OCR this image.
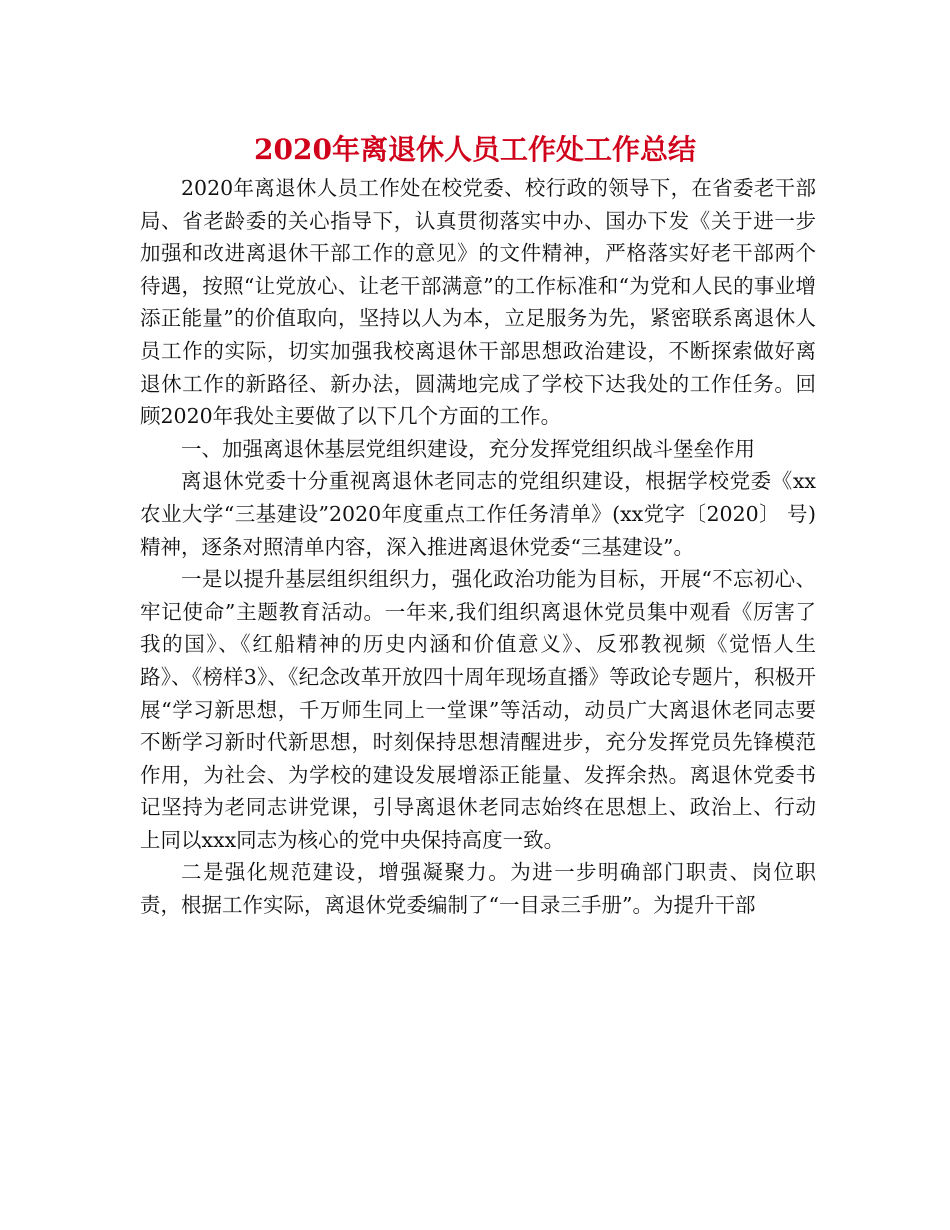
2020年离退休人员工作处工作总结

2020年离退休人员工作处在校党委、校行政的领导下，在省委老干部局、省老龄委的关心指导下，认真贯彻落实中办、国办下发《关于进一步加强和改进离退休干部工作的意见》的文件精神，严格落实好老干部两个待遇，按照“让党放心、让老干部满意”的工作标准和“为党和人民的事业增添正能量”的价值取向，坚持以人为本，立足服务为先，紧密联系离退休人员工作的实际，切实加强我校离退休干部思想政治建设，不断探索做好离退休工作的新路径、新办法，圆满地完成了学校下达我处的工作任务。回顾2020年我处主要做了以下几个方面的工作。

一、加强离退休基层党组织建设，充分发挥党组织战斗堡垒作用

离退休党委十分重视离退休老同志的党组织建设，根据学校党委《xx农业大学“三基建设”2020年度重点工作任务清单》(xx党字〔2020〕 号)精神，逐条对照清单内容，深入推进离退休党委“三基建设”。

一是以提升基层组织组织力，强化政治功能为目标，开展“不忘初心、牢记使命”主题教育活动。一年来,我们组织离退休党员集中观看《厉害了 我的国》、《红船精神的历史内涵和价值意义》、反邪教视频《觉悟人生路》、《榜样3》、《纪念改革开放四十周年现场直播》等政论专题片，积极开展“学习新思想，千万师生同上一堂课”等活动，动员广大离退休老同志要不断学习新时代新思想，时刻保持思想清醒进步，充分发挥党员先锋模范作用，为社会、为学校的建设发展增添正能量、发挥余热。离退休党委书记坚持为老同志讲党课，引导离退休老同志始终在思想上、政治上、行动上同以xxx同志为核心的党中央保持高度一致。

二是强化规范建设，增强凝聚力。为进一步明确部门职责、岗位职责，根据工作实际，离退休党委编制了“一目录三手册”。为提升干部
